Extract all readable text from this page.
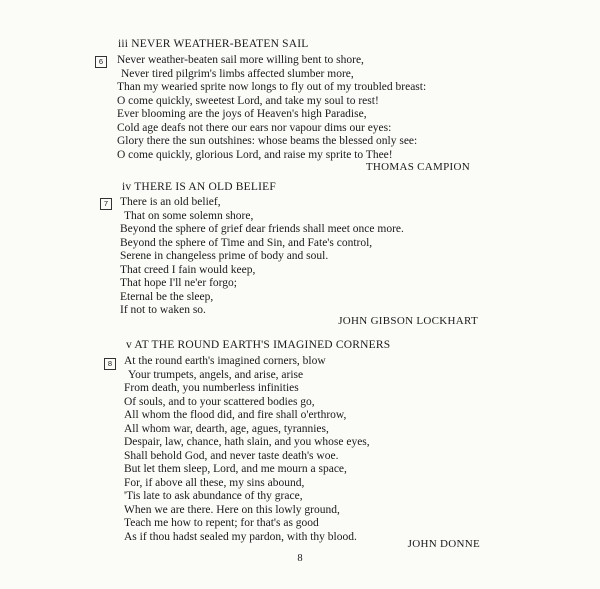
iii NEVER WEATHER-BEATEN SAIL
6	Never weather-beaten sail more willing bent to shore,
Never tired pilgrim's limbs affected slumber more,
Than my wearied sprite now longs to fly out of my troubled breast:
O come quickly, sweetest Lord, and take my soul to rest!
Ever blooming are the joys of Heaven's high Paradise,
Cold age deafs not there our ears nor vapour dims our eyes:
Glory there the sun outshines: whose beams the blessed only see:
O come quickly, glorious Lord, and raise my sprite to Thee!
THOMAS CAMPION
iv THERE IS AN OLD BELIEF
7	There is an old belief,
That on some solemn shore,
Beyond the sphere of grief dear friends shall meet once more.
Beyond the sphere of Time and Sin, and Fate's control,
Serene in changeless prime of body and soul.
That creed I fain would keep,
That hope I'll ne'er forgo;
Eternal be the sleep,
If not to waken so.
JOHN GIBSON LOCKHART
v AT THE ROUND EARTH'S IMAGINED CORNERS
8	At the round earth's imagined corners, blow
Your trumpets, angels, and arise, arise
From death, you numberless infinities
Of souls, and to your scattered bodies go,
All whom the flood did, and fire shall o'erthrow,
All whom war, dearth, age, agues, tyrannies,
Despair, law, chance, hath slain, and you whose eyes,
Shall behold God, and never taste death's woe.
But let them sleep, Lord, and me mourn a space,
For, if above all these, my sins abound,
'Tis late to ask abundance of thy grace,
When we are there. Here on this lowly ground,
Teach me how to repent; for that's as good
As if thou hadst sealed my pardon, with thy blood.
JOHN DONNE
8
